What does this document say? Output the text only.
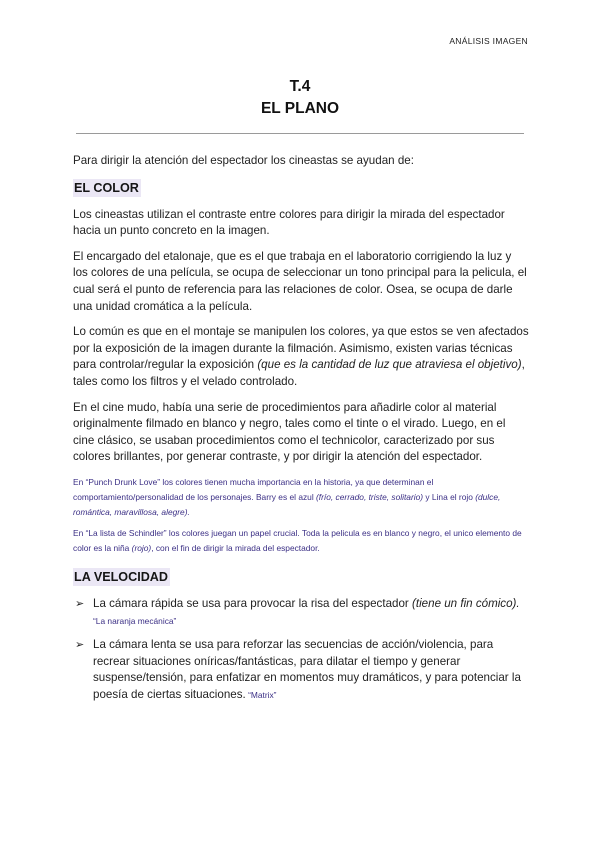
ANÁLISIS IMAGEN
T.4
EL PLANO

Para dirigir la atención del espectador los cineastas se ayudan de:

EL COLOR

Los cineastas utilizan el contraste entre colores para dirigir la mirada del espectador hacia un punto concreto en la imagen.

El encargado del etalonaje, que es el que trabaja en el laboratorio corrigiendo la luz y los colores de una película, se ocupa de seleccionar un tono principal para la pelicula, el cual será el punto de referencia para las relaciones de color. Osea, se ocupa de darle una unidad cromática a la película.

Lo común es que en el montaje se manipulen los colores, ya que estos se ven afectados por la exposición de la imagen durante la filmación. Asimismo, existen varias técnicas para controlar/regular la exposición (que es la cantidad de luz que atraviesa el objetivo), tales como los filtros y el velado controlado.

En el cine mudo, había una serie de procedimientos para añadirle color al material originalmente filmado en blanco y negro, tales como el tinte o el virado. Luego, en el cine clásico, se usaban procedimientos como el technicolor, caracterizado por sus colores brillantes, por generar contraste, y por dirigir la atención del espectador.

En “Punch Drunk Love” los colores tienen mucha importancia en la historia, ya que determinan el comportamiento/personalidad de los personajes. Barry es el azul (frío, cerrado, triste, solitario) y Lina el rojo (dulce, romántica, maravillosa, alegre).

En “La lista de Schindler” los colores juegan un papel crucial. Toda la pelicula es en blanco y negro, el unico elemento de color es la niña (rojo), con el fin de dirigir la mirada del espectador.

LA VELOCIDAD
➢ La cámara rápida se usa para provocar la risa del espectador (tiene un fin cómico). “La naranja mecánica”
➢ La cámara lenta se usa para reforzar las secuencias de acción/violencia, para recrear situaciones oníricas/fantásticas, para dilatar el tiempo y generar suspense/tensión, para enfatizar en momentos muy dramáticos, y para potenciar la poesía de ciertas situaciones. “Matrix”
